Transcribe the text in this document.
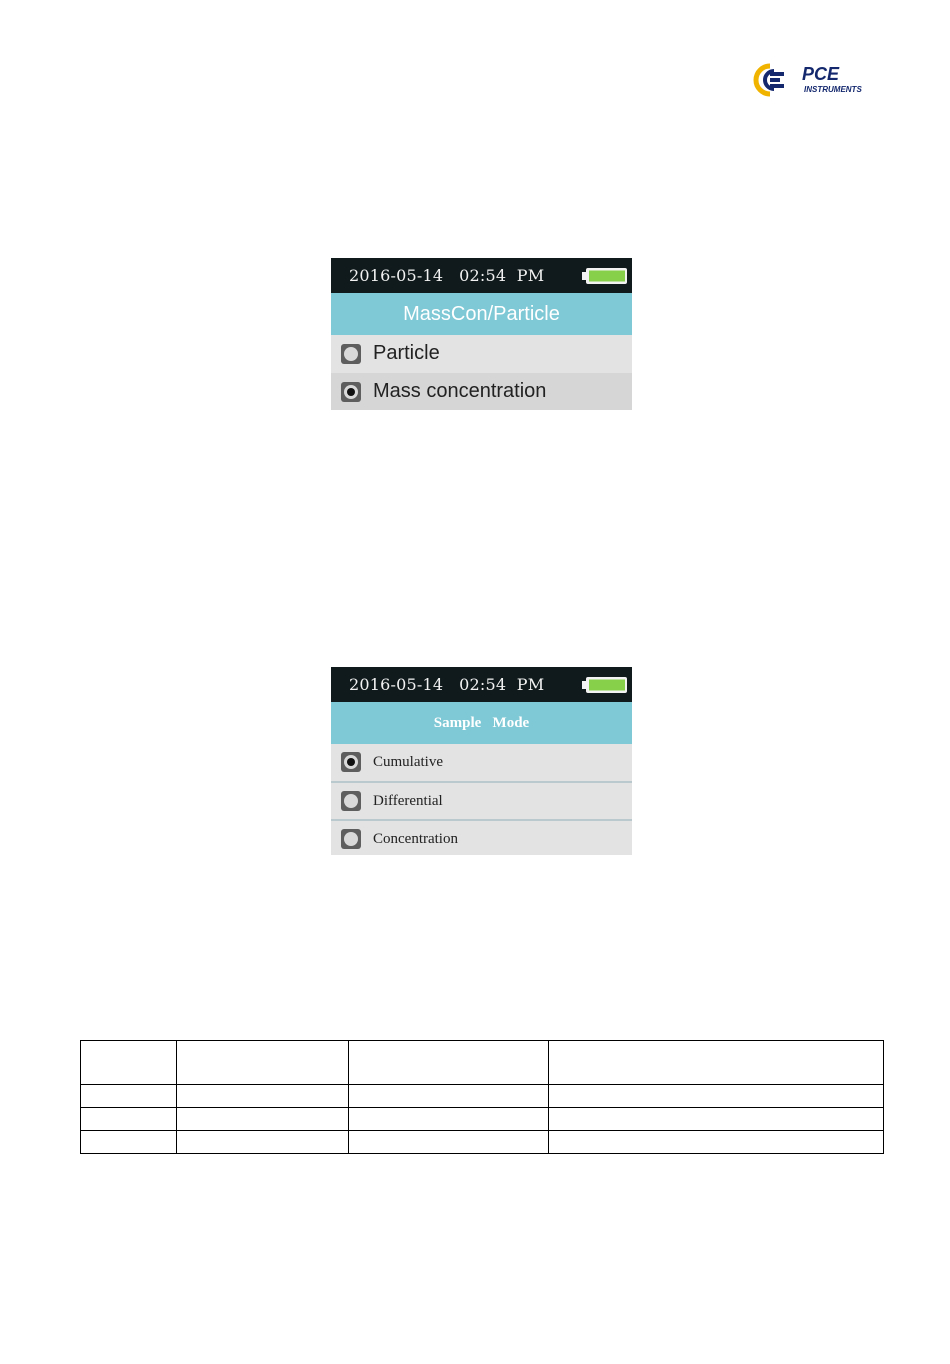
PCE
INSTRUMENTS
2016-05-14   02:54  PM
MassCon/Particle
Particle
Mass concentration
2016-05-14   02:54  PM
Sample   Mode
Cumulative
Differential
Concentration
